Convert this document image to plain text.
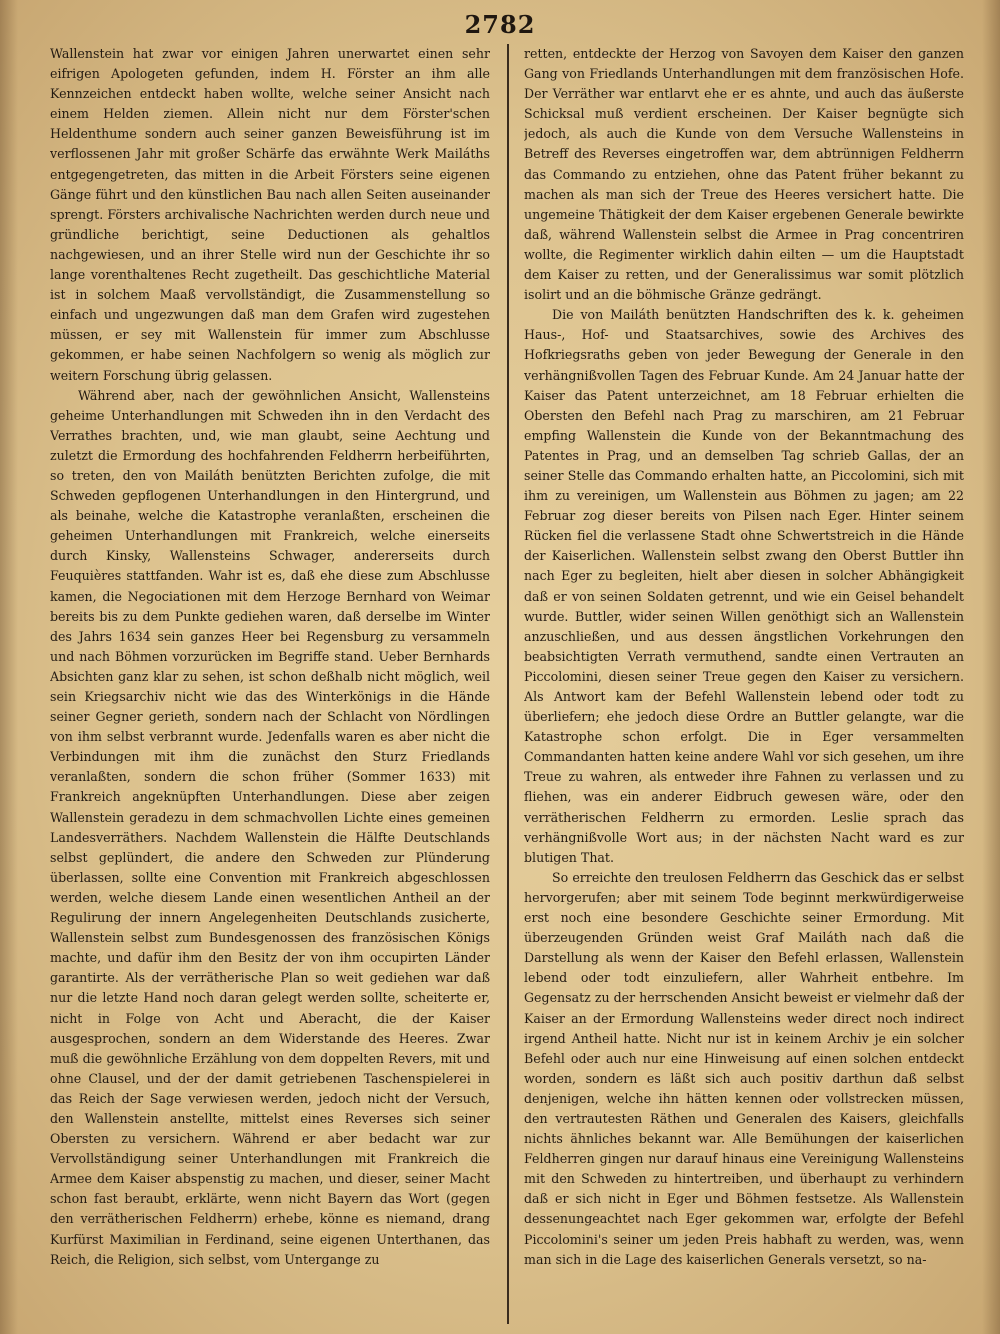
2782

Wallenstein hat zwar vor einigen Jahren unerwartet einen sehr eifrigen Apologeten gefunden, indem H. Förster an ihm alle Kennzeichen entdeckt haben wollte, welche seiner Ansicht nach einem Helden ziemen. Allein nicht nur dem Förster'schen Heldenthume sondern auch seiner ganzen Beweisführung ist im verflossenen Jahr mit großer Schärfe das erwähnte Werk Mailáths entgegengetreten, das mitten in die Arbeit Försters seine eigenen Gänge führt und den künstlichen Bau nach allen Seiten auseinander sprengt. Försters archivalische Nachrichten werden durch neue und gründliche berichtigt, seine Deductionen als gehaltlos nachgewiesen, und an ihrer Stelle wird nun der Geschichte ihr so lange vorenthaltenes Recht zugetheilt. Das geschichtliche Material ist in solchem Maaß vervollständigt, die Zusammenstellung so einfach und ungezwungen daß man dem Grafen wird zugestehen müssen, er sey mit Wallenstein für immer zum Abschlusse gekommen, er habe seinen Nachfolgern so wenig als möglich zur weitern Forschung übrig gelassen.

Während aber, nach der gewöhnlichen Ansicht, Wallensteins geheime Unterhandlungen mit Schweden ihn in den Verdacht des Verrathes brachten, und, wie man glaubt, seine Aechtung und zuletzt die Ermordung des hochfahrenden Feldherrn herbeiführten, so treten, den von Mailáth benützten Berichten zufolge, die mit Schweden gepflogenen Unterhandlungen in den Hintergrund, und als beinahe, welche die Katastrophe veranlaßten, erscheinen die geheimen Unterhandlungen mit Frankreich, welche einerseits durch Kinsky, Wallensteins Schwager, andererseits durch Feuquières stattfanden. Wahr ist es, daß ehe diese zum Abschlusse kamen, die Negociationen mit dem Herzoge Bernhard von Weimar bereits bis zu dem Punkte gediehen waren, daß derselbe im Winter des Jahrs 1634 sein ganzes Heer bei Regensburg zu versammeln und nach Böhmen vorzurücken im Begriffe stand. Ueber Bernhards Absichten ganz klar zu sehen, ist schon deßhalb nicht möglich, weil sein Kriegsarchiv nicht wie das des Winterkönigs in die Hände seiner Gegner gerieth, sondern nach der Schlacht von Nördlingen von ihm selbst verbrannt wurde. Jedenfalls waren es aber nicht die Verbindungen mit ihm die zunächst den Sturz Friedlands veranlaßten, sondern die schon früher (Sommer 1633) mit Frankreich angeknüpften Unterhandlungen. Diese aber zeigen Wallenstein geradezu in dem schmachvollen Lichte eines gemeinen Landesverräthers. Nachdem Wallenstein die Hälfte Deutschlands selbst geplündert, die andere den Schweden zur Plünderung überlassen, sollte eine Convention mit Frankreich abgeschlossen werden, welche diesem Lande einen wesentlichen Antheil an der Regulirung der innern Angelegenheiten Deutschlands zusicherte, Wallenstein selbst zum Bundesgenossen des französischen Königs machte, und dafür ihm den Besitz der von ihm occupirten Länder garantirte. Als der verrätherische Plan so weit gediehen war daß nur die letzte Hand noch daran gelegt werden sollte, scheiterte er, nicht in Folge von Acht und Aberacht, die der Kaiser ausgesprochen, sondern an dem Widerstande des Heeres. Zwar muß die gewöhnliche Erzählung von dem doppelten Revers, mit und ohne Clausel, und der der damit getriebenen Taschenspielerei in das Reich der Sage verwiesen werden, jedoch nicht der Versuch, den Wallenstein anstellte, mittelst eines Reverses sich seiner Obersten zu versichern. Während er aber bedacht war zur Vervollständigung seiner Unterhandlungen mit Frankreich die Armee dem Kaiser abspenstig zu machen, und dieser, seiner Macht schon fast beraubt, erklärte, wenn nicht Bayern das Wort (gegen den verrätherischen Feldherrn) erhebe, könne es niemand, drang Kurfürst Maximilian in Ferdinand, seine eigenen Unterthanen, das Reich, die Religion, sich selbst, vom Untergange zu

retten, entdeckte der Herzog von Savoyen dem Kaiser den ganzen Gang von Friedlands Unterhandlungen mit dem französischen Hofe. Der Verräther war entlarvt ehe er es ahnte, und auch das äußerste Schicksal muß verdient erscheinen. Der Kaiser begnügte sich jedoch, als auch die Kunde von dem Versuche Wallensteins in Betreff des Reverses eingetroffen war, dem abtrünnigen Feldherrn das Commando zu entziehen, ohne das Patent früher bekannt zu machen als man sich der Treue des Heeres versichert hatte. Die ungemeine Thätigkeit der dem Kaiser ergebenen Generale bewirkte daß, während Wallenstein selbst die Armee in Prag concentriren wollte, die Regimenter wirklich dahin eilten — um die Hauptstadt dem Kaiser zu retten, und der Generalissimus war somit plötzlich isolirt und an die böhmische Gränze gedrängt.

Die von Mailáth benützten Handschriften des k. k. geheimen Haus-, Hof- und Staatsarchives, sowie des Archives des Hofkriegsraths geben von jeder Bewegung der Generale in den verhängnißvollen Tagen des Februar Kunde. Am 24 Januar hatte der Kaiser das Patent unterzeichnet, am 18 Februar erhielten die Obersten den Befehl nach Prag zu marschiren, am 21 Februar empfing Wallenstein die Kunde von der Bekanntmachung des Patentes in Prag, und an demselben Tag schrieb Gallas, der an seiner Stelle das Commando erhalten hatte, an Piccolomini, sich mit ihm zu vereinigen, um Wallenstein aus Böhmen zu jagen; am 22 Februar zog dieser bereits von Pilsen nach Eger. Hinter seinem Rücken fiel die verlassene Stadt ohne Schwertstreich in die Hände der Kaiserlichen. Wallenstein selbst zwang den Oberst Buttler ihn nach Eger zu begleiten, hielt aber diesen in solcher Abhängigkeit daß er von seinen Soldaten getrennt, und wie ein Geisel behandelt wurde. Buttler, wider seinen Willen genöthigt sich an Wallenstein anzuschließen, und aus dessen ängstlichen Vorkehrungen den beabsichtigten Verrath vermuthend, sandte einen Vertrauten an Piccolomini, diesen seiner Treue gegen den Kaiser zu versichern. Als Antwort kam der Befehl Wallenstein lebend oder todt zu überliefern; ehe jedoch diese Ordre an Buttler gelangte, war die Katastrophe schon erfolgt. Die in Eger versammelten Commandanten hatten keine andere Wahl vor sich gesehen, um ihre Treue zu wahren, als entweder ihre Fahnen zu verlassen und zu fliehen, was ein anderer Eidbruch gewesen wäre, oder den verrätherischen Feldherrn zu ermorden. Leslie sprach das verhängnißvolle Wort aus; in der nächsten Nacht ward es zur blutigen That.

So erreichte den treulosen Feldherrn das Geschick das er selbst hervorgerufen; aber mit seinem Tode beginnt merkwürdigerweise erst noch eine besondere Geschichte seiner Ermordung. Mit überzeugenden Gründen weist Graf Mailáth nach daß die Darstellung als wenn der Kaiser den Befehl erlassen, Wallenstein lebend oder todt einzuliefern, aller Wahrheit entbehre. Im Gegensatz zu der herrschenden Ansicht beweist er vielmehr daß der Kaiser an der Ermordung Wallensteins weder direct noch indirect irgend Antheil hatte. Nicht nur ist in keinem Archiv je ein solcher Befehl oder auch nur eine Hinweisung auf einen solchen entdeckt worden, sondern es läßt sich auch positiv darthun daß selbst denjenigen, welche ihn hätten kennen oder vollstrecken müssen, den vertrautesten Räthen und Generalen des Kaisers, gleichfalls nichts ähnliches bekannt war. Alle Bemühungen der kaiserlichen Feldherren gingen nur darauf hinaus eine Vereinigung Wallensteins mit den Schweden zu hintertreiben, und überhaupt zu verhindern daß er sich nicht in Eger und Böhmen festsetze. Als Wallenstein dessenungeachtet nach Eger gekommen war, erfolgte der Befehl Piccolomini's seiner um jeden Preis habhaft zu werden, was, wenn man sich in die Lage des kaiserlichen Generals versetzt, so na-
